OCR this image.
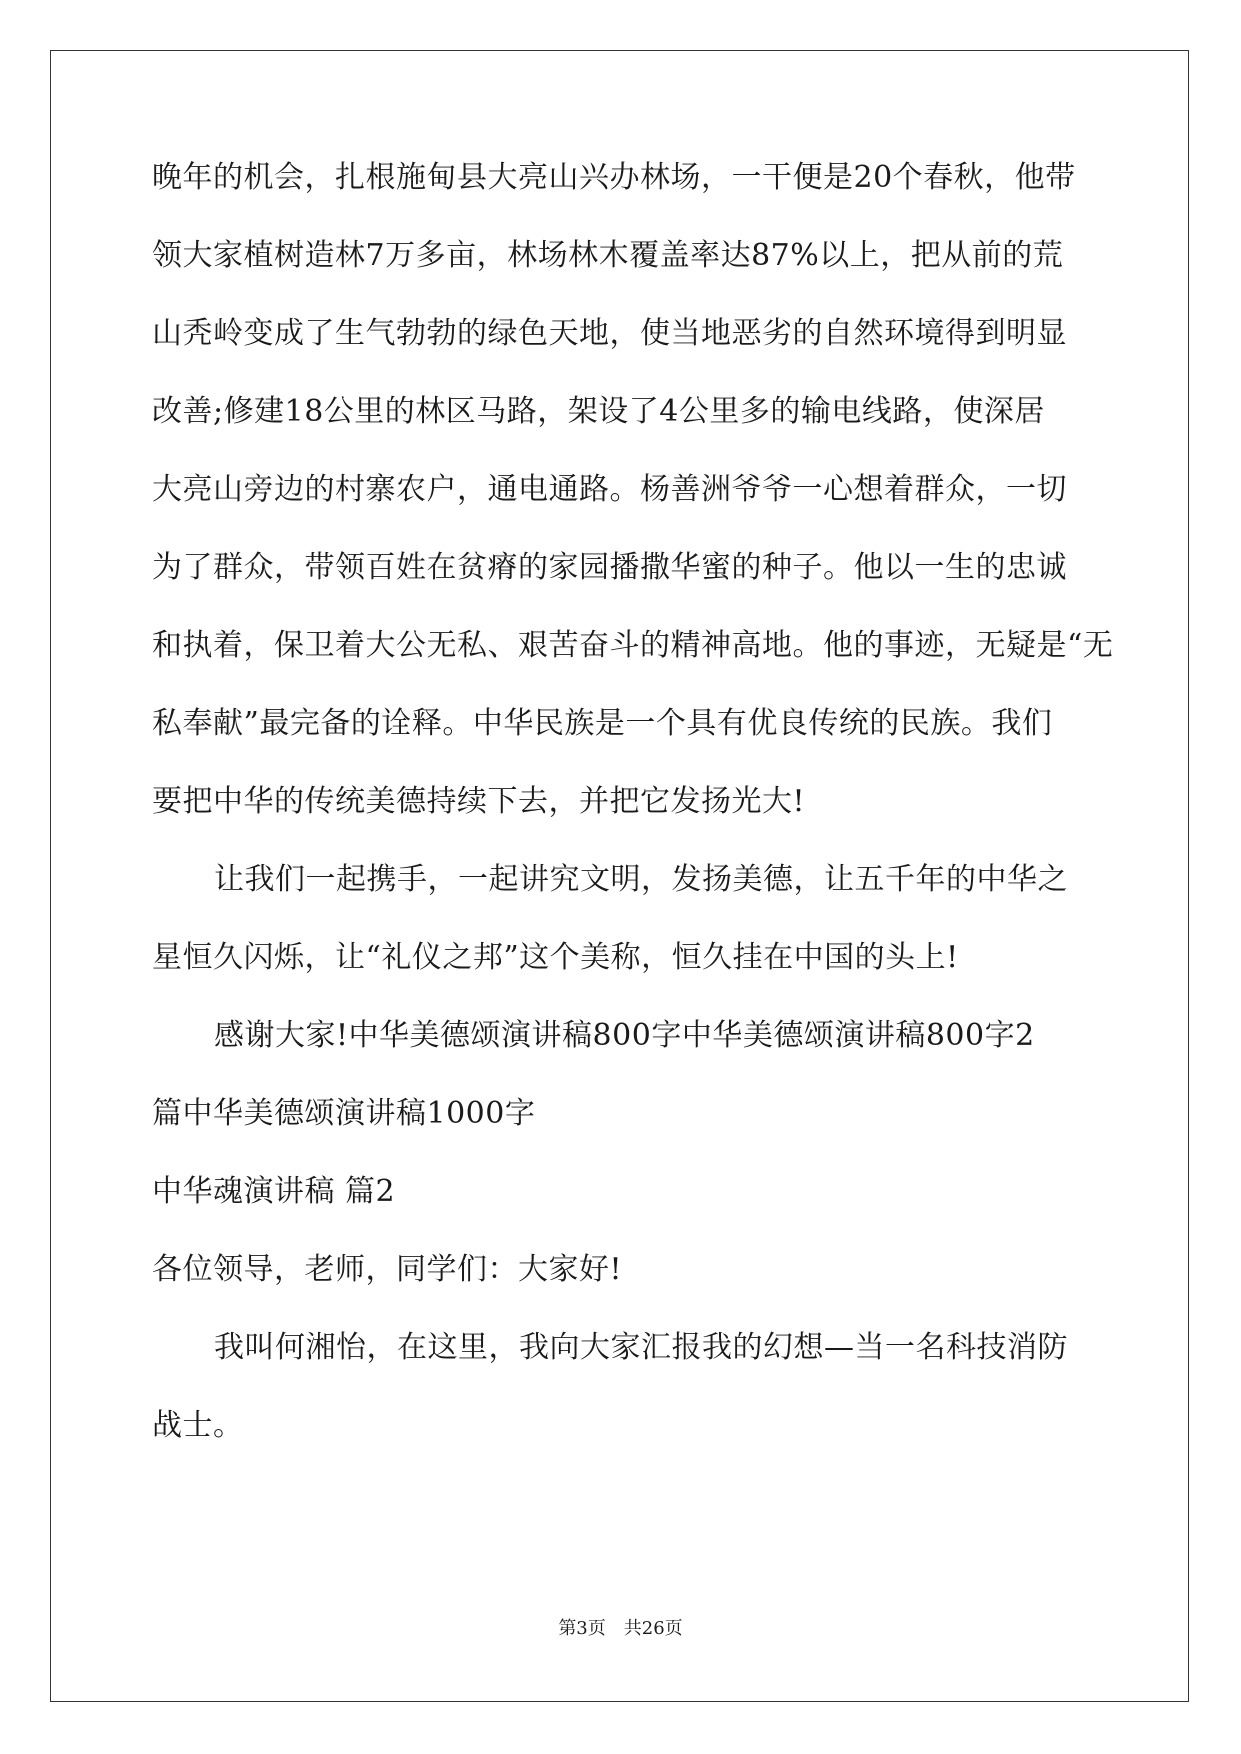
晚年的机会，扎根施甸县大亮山兴办林场，一干便是20个春秋，他带
领大家植树造林7万多亩，林场林木覆盖率达87%以上，把从前的荒
山秃岭变成了生气勃勃的绿色天地，使当地恶劣的自然环境得到明显
改善;修建18公里的林区马路，架设了4公里多的输电线路，使深居
大亮山旁边的村寨农户，通电通路。杨善洲爷爷一心想着群众，一切
为了群众，带领百姓在贫瘠的家园播撒华蜜的种子。他以一生的忠诚
和执着，保卫着大公无私、艰苦奋斗的精神高地。他的事迹，无疑是“无
私奉献”最完备的诠释。中华民族是一个具有优良传统的民族。我们
要把中华的传统美德持续下去，并把它发扬光大!
让我们一起携手，一起讲究文明，发扬美德，让五千年的中华之
星恒久闪烁，让“礼仪之邦”这个美称，恒久挂在中国的头上!
感谢大家!中华美德颂演讲稿800字中华美德颂演讲稿800字2
篇中华美德颂演讲稿1000字
中华魂演讲稿 篇2
各位领导，老师，同学们：大家好!
我叫何湘怡，在这里，我向大家汇报我的幻想—当一名科技消防
战士。
第3页 共26页
